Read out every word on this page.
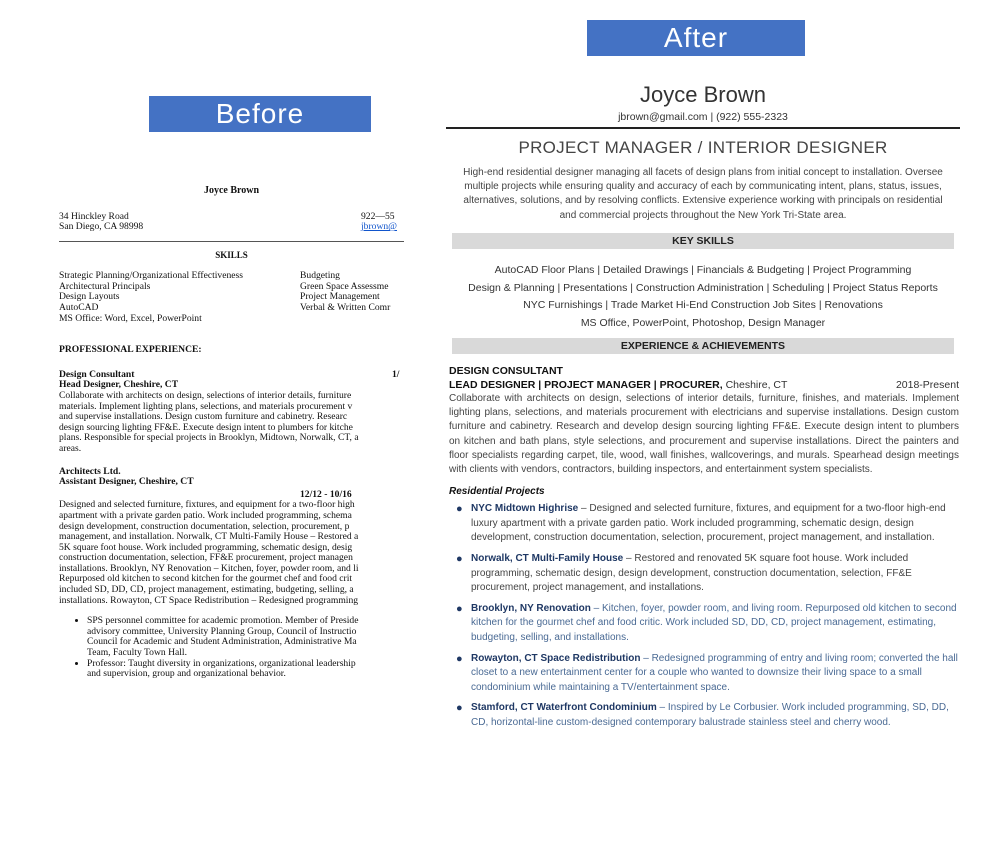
Before
After
Joyce Brown
34 Hinckley Road
San Diego, CA 98998
922—55
jbrown@
SKILLS
Strategic Planning/Organizational Effectiveness
Architectural Principals
Design Layouts
AutoCAD
MS Office: Word, Excel, PowerPoint
Budgeting
Green Space Assessme
Project Management
Verbal & Written Comr
PROFESSIONAL EXPERIENCE:
Design Consultant	1/
Head Designer, Cheshire, CT
Collaborate with architects on design, selections of interior details, furniture
materials. Implement lighting plans, selections, and materials procurement v
and supervise installations. Design custom furniture and cabinetry. Researc
design sourcing lighting FF&E. Execute design intent to plumbers for kitche
plans. Responsible for special projects in Brooklyn, Midtown, Norwalk, CT, a
areas.
Architects Ltd.
Assistant Designer, Cheshire, CT
12/12 - 10/16
Designed and selected furniture, fixtures, and equipment for a two-floor high
apartment with a private garden patio. Work included programming, schema
design development, construction documentation, selection, procurement, p
management, and installation. Norwalk, CT Multi-Family House – Restored a
5K square foot house. Work included programming, schematic design, desig
construction documentation, selection, FF&E procurement, project managen
installations. Brooklyn, NY Renovation – Kitchen, foyer, powder room, and li
Repurposed old kitchen to second kitchen for the gourmet chef and food crit
included SD, DD, CD, project management, estimating, budgeting, selling, a
installations. Rowayton, CT Space Redistribution – Redesigned programming
• SPS personnel committee for academic promotion. Member of Preside
advisory committee, University Planning Group, Council of Instructio
Council for Academic and Student Administration, Administrative Ma
Team, Faculty Town Hall.
• Professor: Taught diversity in organizations, organizational leadership
and supervision, group and organizational behavior.
Joyce Brown
jbrown@gmail.com | (922) 555-2323
PROJECT MANAGER / INTERIOR DESIGNER
High-end residential designer managing all facets of design plans from initial concept to installation. Oversee
multiple projects while ensuring quality and accuracy of each by communicating intent, plans, status, issues,
alternatives, solutions, and by resolving conflicts. Extensive experience working with principals on residential
and commercial projects throughout the New York Tri-State area.
KEY SKILLS
AutoCAD Floor Plans | Detailed Drawings | Financials & Budgeting | Project Programming
Design & Planning | Presentations | Construction Administration | Scheduling | Project Status Reports
NYC Furnishings | Trade Market Hi-End Construction Job Sites | Renovations
MS Office, PowerPoint, Photoshop, Design Manager
EXPERIENCE & ACHIEVEMENTS
DESIGN CONSULTANT
LEAD DESIGNER | PROJECT MANAGER | PROCURER, Cheshire, CT	2018-Present
Collaborate with architects on design, selections of interior details, furniture, finishes, and materials. Implement lighting plans, selections, and materials procurement with electricians and supervise installations. Design custom furniture and cabinetry. Research and develop design sourcing lighting FF&E. Execute design intent to plumbers on kitchen and bath plans, style selections, and procurement and supervise installations. Direct the painters and floor specialists regarding carpet, tile, wood, wall finishes, wallcoverings, and murals. Spearhead design meetings with clients with vendors, contractors, building inspectors, and entertainment system specialists.
Residential Projects
● NYC Midtown Highrise – Designed and selected furniture, fixtures, and equipment for a two-floor high-end luxury apartment with a private garden patio. Work included programming, schematic design, design development, construction documentation, selection, procurement, project management, and installation.
● Norwalk, CT Multi-Family House – Restored and renovated 5K square foot house. Work included programming, schematic design, design development, construction documentation, selection, FF&E procurement, project management, and installations.
● Brooklyn, NY Renovation – Kitchen, foyer, powder room, and living room. Repurposed old kitchen to second kitchen for the gourmet chef and food critic. Work included SD, DD, CD, project management, estimating, budgeting, selling, and installations.
● Rowayton, CT Space Redistribution – Redesigned programming of entry and living room; converted the hall closet to a new entertainment center for a couple who wanted to downsize their living space to a small condominium while maintaining a TV/entertainment space.
● Stamford, CT Waterfront Condominium – Inspired by Le Corbusier. Work included programming, SD, DD, CD, horizontal-line custom-designed contemporary balustrade stainless steel and cherry wood.
